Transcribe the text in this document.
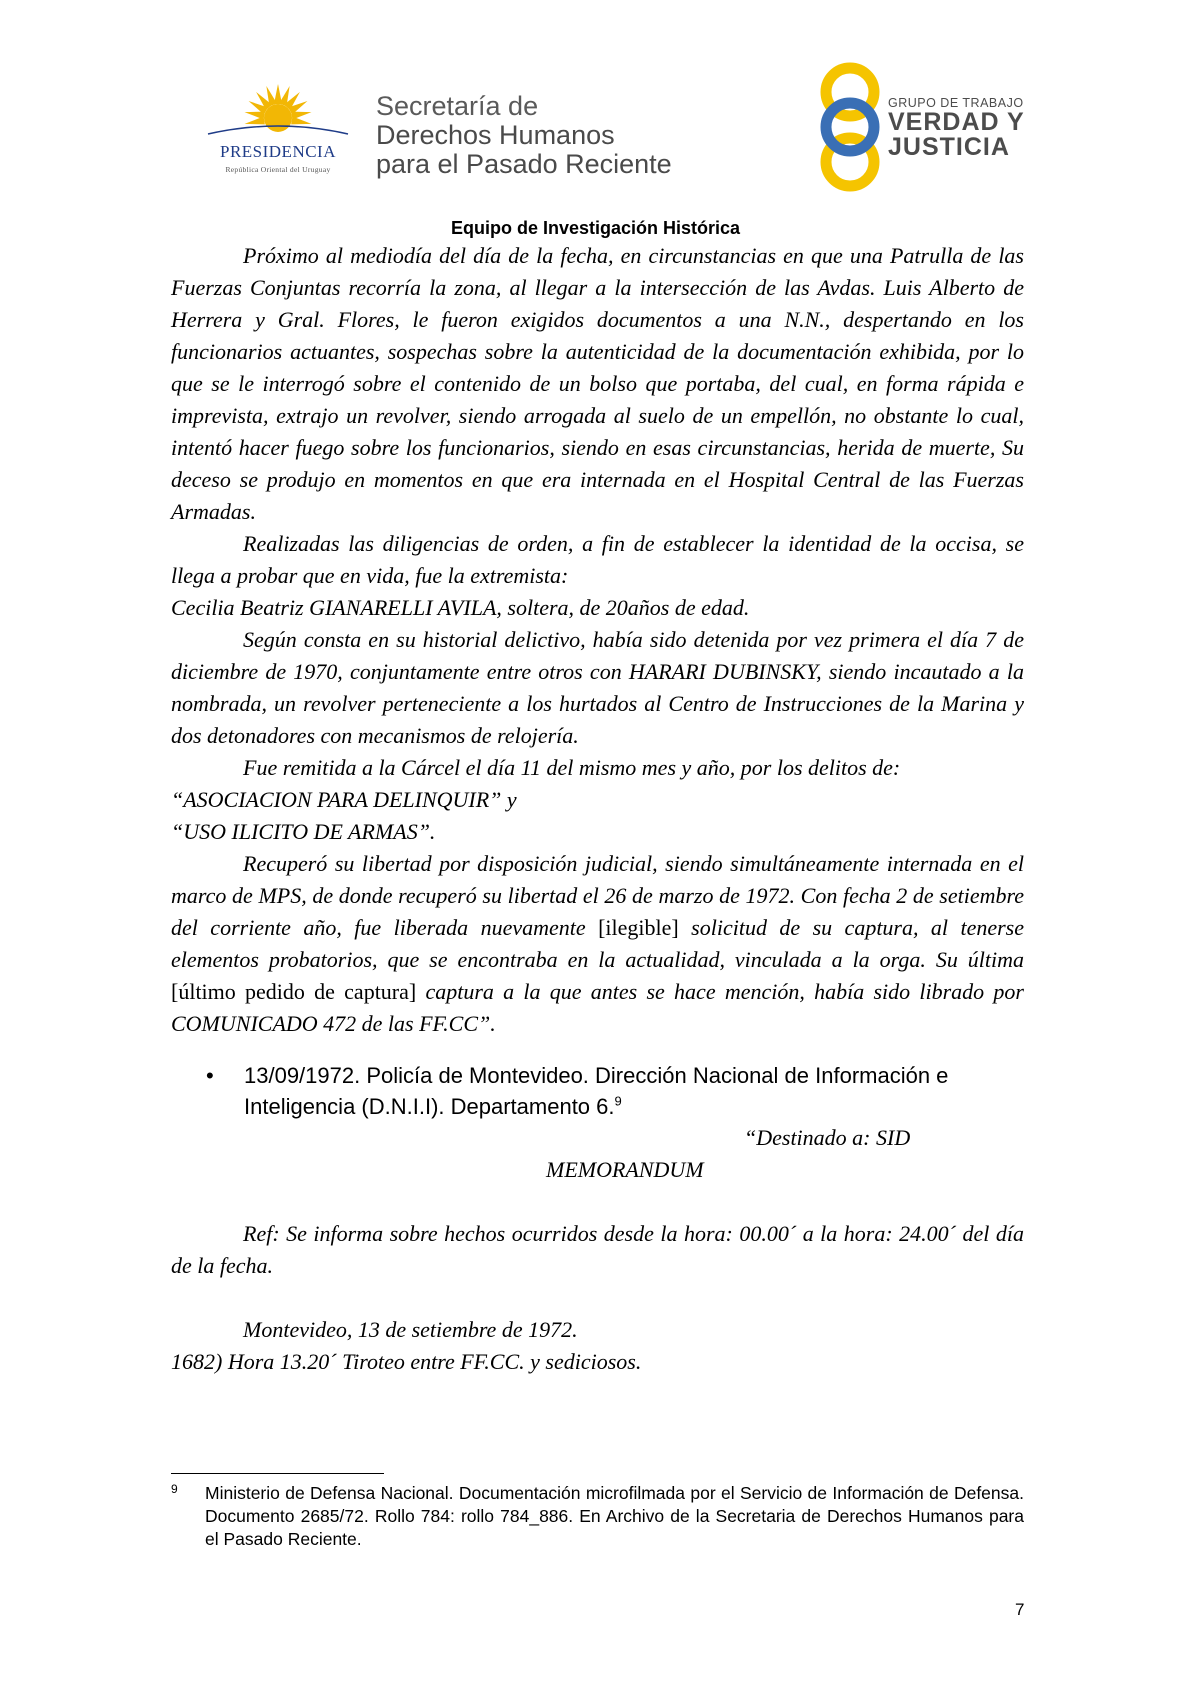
PRESIDENCIA
República Oriental del Uruguay
Secretaría de
Derechos Humanos
para el Pasado Reciente
GRUPO DE TRABAJO
VERDAD Y
JUSTICIA
Equipo de Investigación Histórica

Próximo al mediodía del día de la fecha, en circunstancias en que una Patrulla de las Fuerzas Conjuntas recorría la zona, al llegar a la intersección de las Avdas. Luis Alberto de Herrera y Gral. Flores, le fueron exigidos documentos a una N.N., despertando en los funcionarios actuantes, sospechas sobre la autenticidad de la documentación exhibida, por lo que se le interrogó sobre el contenido de un bolso que portaba, del cual, en forma rápida e imprevista, extrajo un revolver, siendo arrogada al suelo de un empellón, no obstante lo cual, intentó hacer fuego sobre los funcionarios, siendo en esas circunstancias, herida de muerte, Su deceso se produjo en momentos en que era internada en el Hospital Central de las Fuerzas Armadas.

Realizadas las diligencias de orden, a fin de establecer la identidad de la occisa, se llega a probar que en vida, fue la extremista:

Cecilia Beatriz GIANARELLI AVILA, soltera, de 20años de edad.

Según consta en su historial delictivo, había sido detenida por vez primera el día 7 de diciembre de 1970, conjuntamente entre otros con HARARI DUBINSKY, siendo incautado a la nombrada, un revolver perteneciente a los hurtados al Centro de Instrucciones de la Marina y dos detonadores con mecanismos de relojería.

Fue remitida a la Cárcel el día 11 del mismo mes y año, por los delitos de:

“ASOCIACION PARA DELINQUIR” y

“USO ILICITO DE ARMAS”.

Recuperó su libertad por disposición judicial, siendo simultáneamente internada en el marco de MPS, de donde recuperó su libertad el 26 de marzo de 1972. Con fecha 2 de setiembre del corriente año, fue liberada nuevamente [ilegible] solicitud de su captura, al tenerse elementos probatorios, que se encontraba en la actualidad, vinculada a la orga. Su última [último pedido de captura] captura a la que antes se hace mención, había sido librado por COMUNICADO 472 de las FF.CC”.

• 13/09/1972. Policía de Montevideo. Dirección Nacional de Información e Inteligencia (D.N.I.I). Departamento 6.$^9$
“Destinado a: SID
MEMORANDUM
Ref: Se informa sobre hechos ocurridos desde la hora: 00.00´ a la hora: 24.00´ del día de la fecha.
Montevideo, 13 de setiembre de 1972.
1682) Hora 13.20´ Tiroteo entre FF.CC. y sediciosos.
9 Ministerio de Defensa Nacional. Documentación microfilmada por el Servicio de Información de Defensa. Documento 2685/72. Rollo 784: rollo 784_886. En Archivo de la Secretaria de Derechos Humanos para el Pasado Reciente.
7
